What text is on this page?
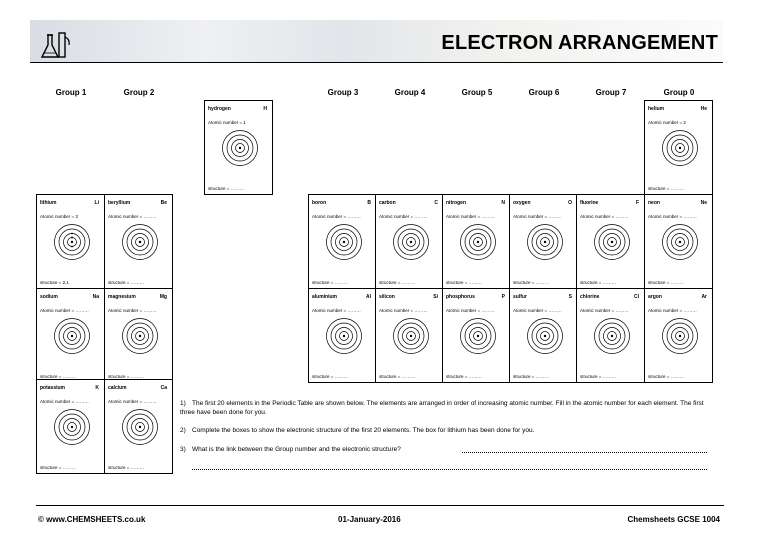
ELECTRON ARRANGEMENT
Group 1	Group 2	Group 3	Group 4	Group 5	Group 6	Group 7	Group 0
hydrogen	H
Atomic number = 1
structure = ………
helium	He
Atomic number = 2
structure = ………
lithium	Li
Atomic number = 3
structure = 2,1
beryllium	Be
Atomic number = ………
structure = ………
boron	B
Atomic number = ………
structure = ………
carbon	C
Atomic number = ………
structure = ………
nitrogen	N
Atomic number = ………
structure = ………
oxygen	O
Atomic number = ………
structure = ………
fluorine	F
Atomic number = ………
structure = ………
neon	Ne
Atomic number = ………
structure = ………
sodium	Na
Atomic number = ………
structure = ………
magnesium	Mg
Atomic number = ………
structure = ………
aluminium	Al
Atomic number = ………
structure = ………
silicon	Si
Atomic number = ………
structure = ………
phosphorus	P
Atomic number = ………
structure = ………
sulfur	S
Atomic number = ………
structure = ………
chlorine	Cl
Atomic number = ………
structure = ………
argon	Ar
Atomic number = ………
structure = ………
potassium	K
Atomic number = ………
structure = ………
calcium	Ca
Atomic number = ………
structure = ………
1) The first 20 elements in the Periodic Table are shown below. The elements are arranged in order of increasing atomic number. Fill in the atomic number for each element. The first three have been done for you.
2) Complete the boxes to show the electronic structure of the first 20 elements. The box for lithium has been done for you.
3) What is the link between the Group number and the electronic structure?
© www.CHEMSHEETS.co.uk	01-January-2016	Chemsheets GCSE 1004
